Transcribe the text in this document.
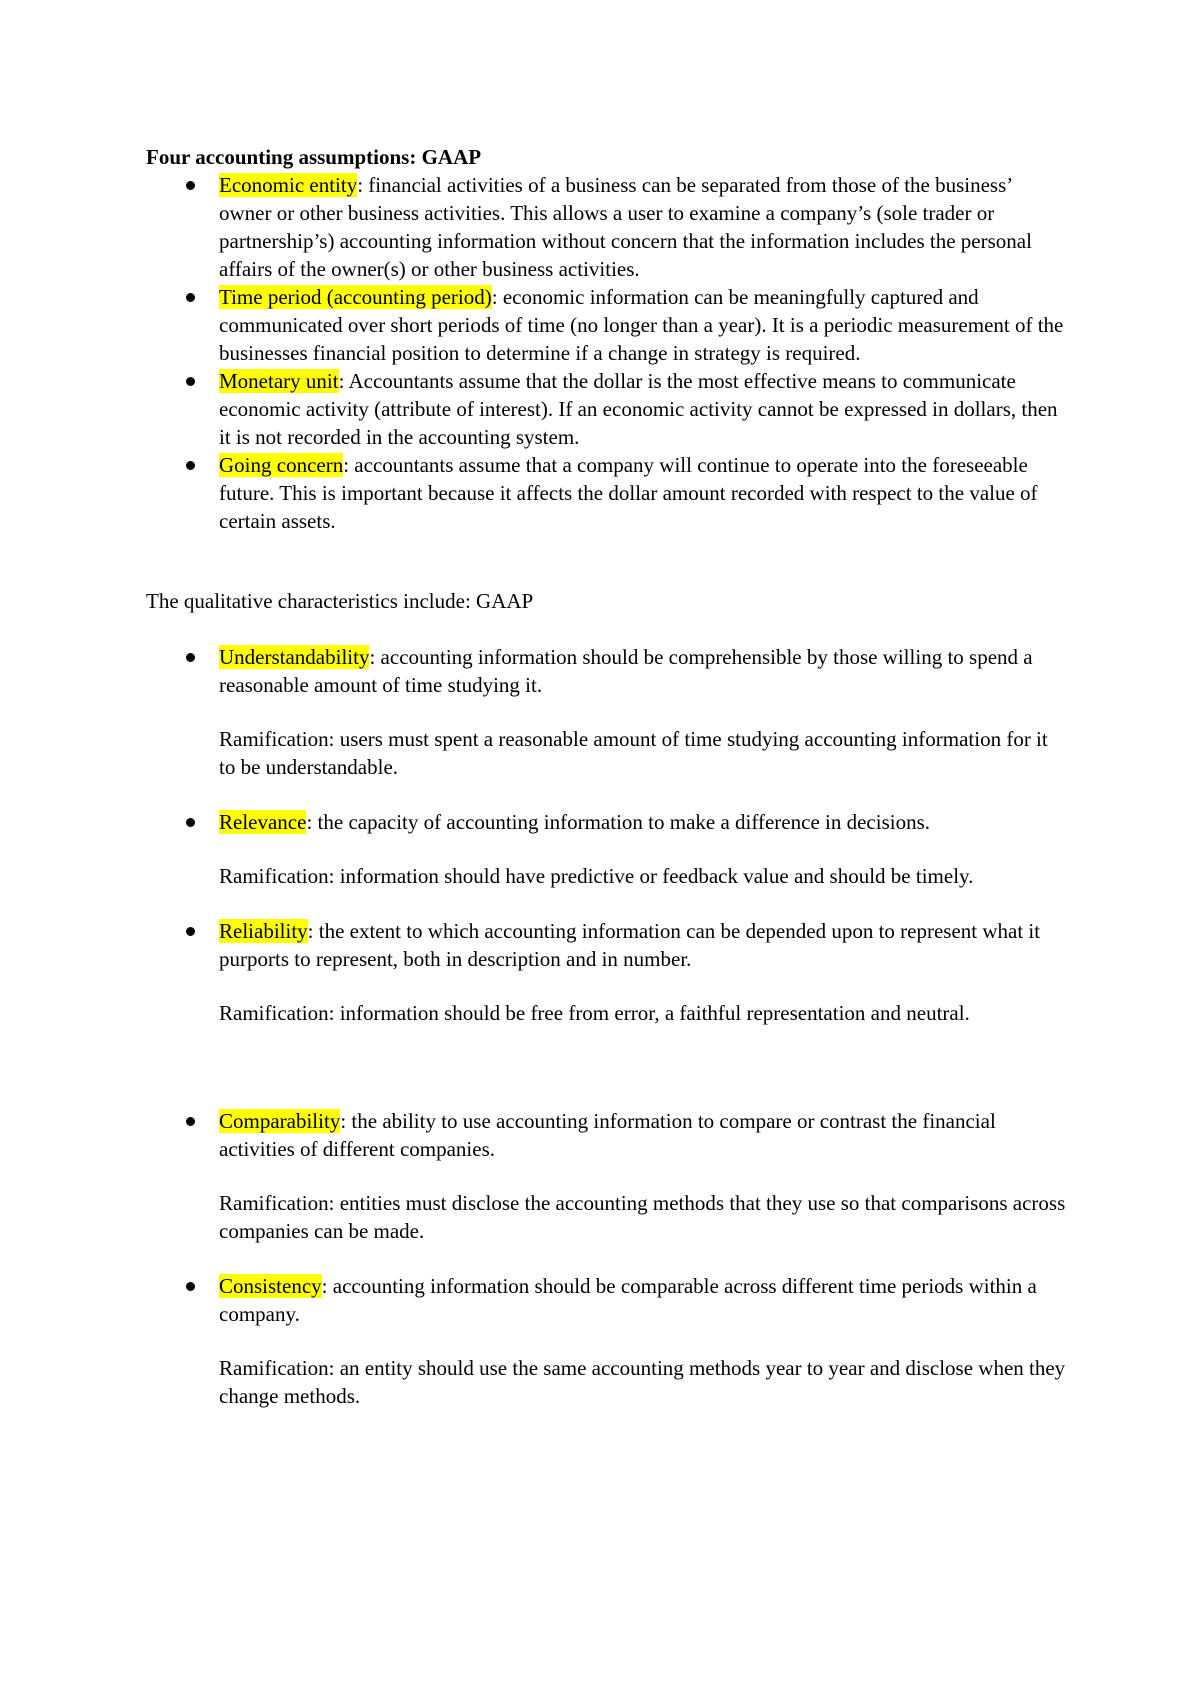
Four accounting assumptions: GAAP

Economic entity: financial activities of a business can be separated from those of the business’ owner or other business activities. This allows a user to examine a company’s (sole trader or partnership’s) accounting information without concern that the information includes the personal affairs of the owner(s) or other business activities.
Time period (accounting period): economic information can be meaningfully captured and communicated over short periods of time (no longer than a year). It is a periodic measurement of the businesses financial position to determine if a change in strategy is required.
Monetary unit: Accountants assume that the dollar is the most effective means to communicate economic activity (attribute of interest). If an economic activity cannot be expressed in dollars, then it is not recorded in the accounting system.
Going concern: accountants assume that a company will continue to operate into the foreseeable future. This is important because it affects the dollar amount recorded with respect to the value of certain assets.

The qualitative characteristics include: GAAP

Understandability: accounting information should be comprehensible by those willing to spend a reasonable amount of time studying it.

Ramification: users must spent a reasonable amount of time studying accounting information for it to be understandable.

Relevance: the capacity of accounting information to make a difference in decisions.

Ramification: information should have predictive or feedback value and should be timely.

Reliability: the extent to which accounting information can be depended upon to represent what it purports to represent, both in description and in number.

Ramification: information should be free from error, a faithful representation and neutral.

Comparability: the ability to use accounting information to compare or contrast the financial activities of different companies.

Ramification: entities must disclose the accounting methods that they use so that comparisons across companies can be made.

Consistency: accounting information should be comparable across different time periods within a company.

Ramification: an entity should use the same accounting methods year to year and disclose when they change methods.
